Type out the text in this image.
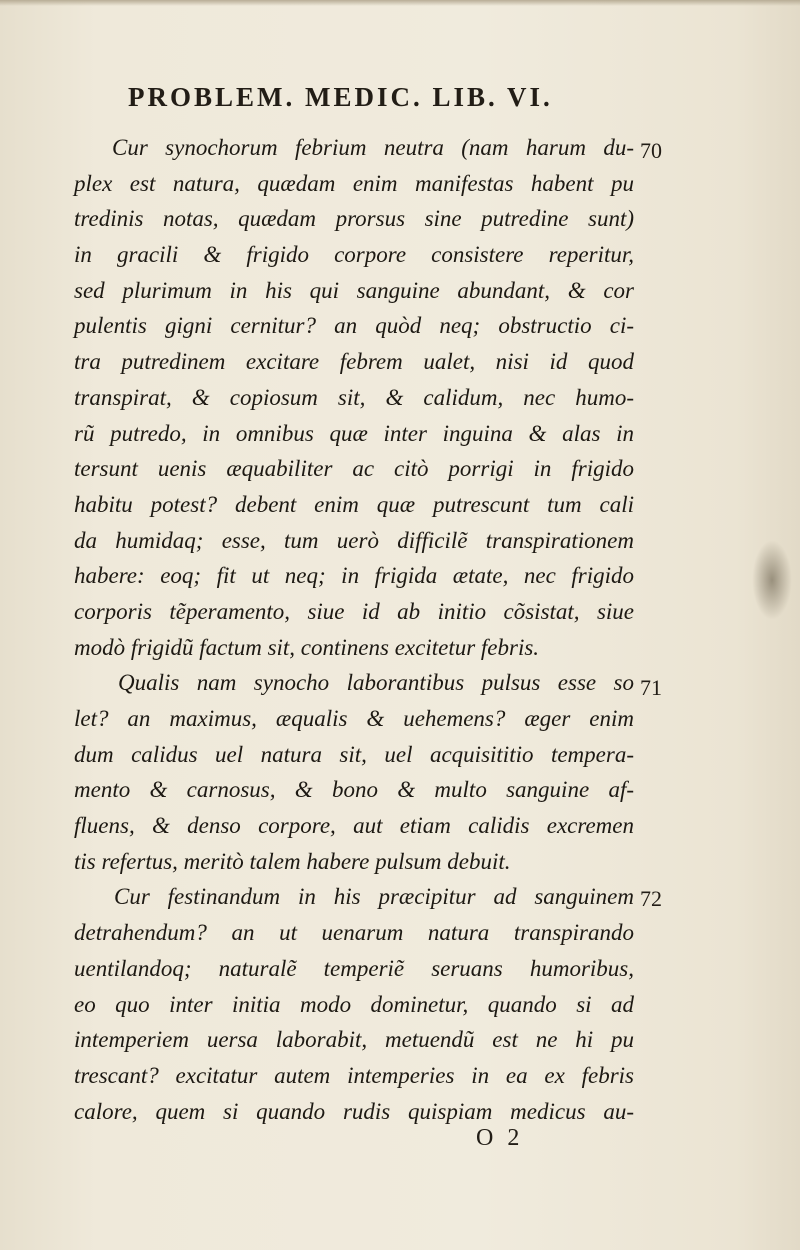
PROBLEM. MEDIC. LIB. VI.
Cur synochorum febrium neutra (nam harum du-
plex est natura, quædam enim manifestas habent pu
tredinis notas, quædam prorsus sine putredine sunt)
in gracili & frigido corpore consistere reperitur,
sed plurimum in his qui sanguine abundant, & cor
pulentis gigni cernitur? an quòd neq; obstructio ci-
tra putredinem excitare febrem ualet, nisi id quod
transpirat, & copiosum sit, & calidum, nec humo-
rũ putredo, in omnibus quæ inter inguina & alas in
tersunt uenis æquabiliter ac citò porrigi in frigido
habitu potest? debent enim quæ putrescunt tum cali
da humidaq; esse, tum uerò difficilẽ transpirationem
habere: eoq; fit ut neq; in frigida ætate, nec frigido
corporis tẽperamento, siue id ab initio cõsistat, siue
modò frigidũ factum sit, continens excitetur febris.
Qualis nam synocho laborantibus pulsus esse so
let? an maximus, æqualis & uehemens? æger enim
dum calidus uel natura sit, uel acquisititio tempera-
mento & carnosus, & bono & multo sanguine af-
fluens, & denso corpore, aut etiam calidis excremen
tis refertus, meritò talem habere pulsum debuit.
Cur festinandum in his præcipitur ad sanguinem
detrahendum? an ut uenarum natura transpirando
uentilandoq; naturalẽ temperiẽ seruans humoribus,
eo quo inter initia modo dominetur, quando si ad
intemperiem uersa laborabit, metuendũ est ne hi pu
trescant? excitatur autem intemperies in ea ex febris
calore, quem si quando rudis quispiam medicus au-
70
71
72
O 2
